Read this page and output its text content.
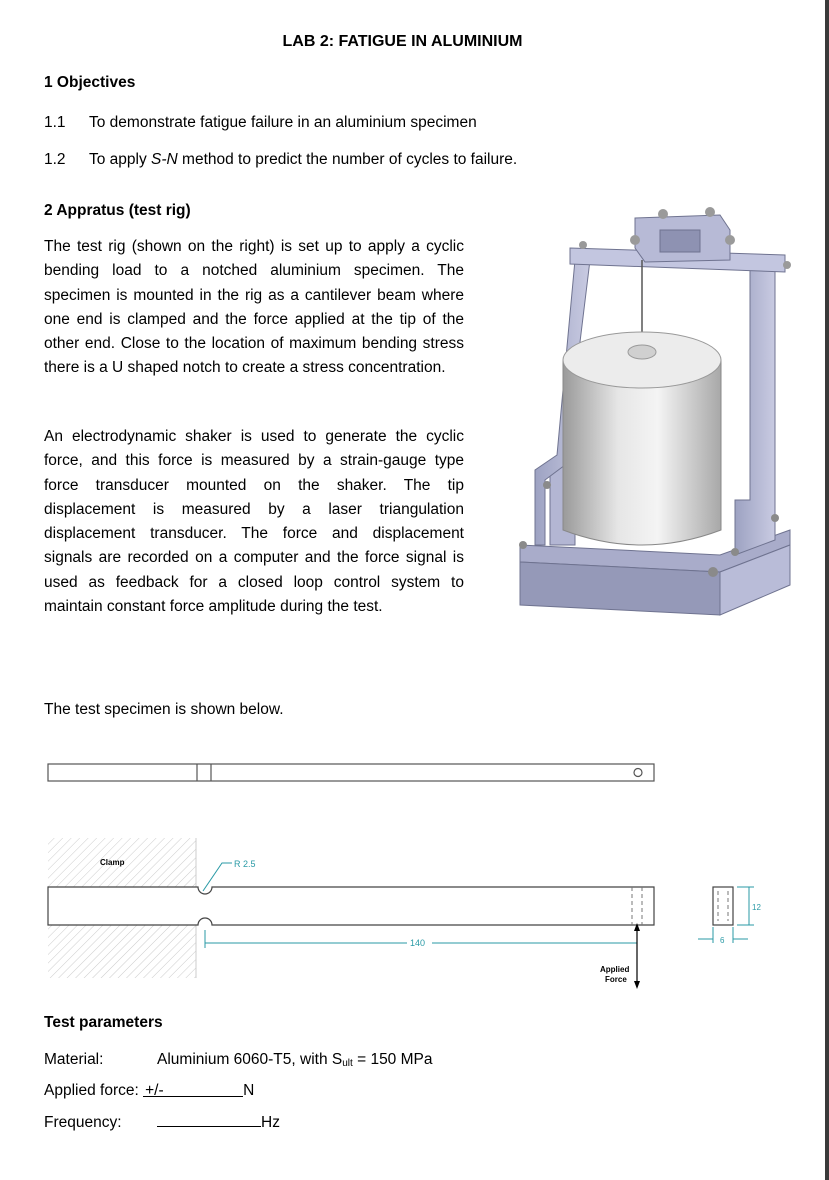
LAB 2: FATIGUE IN ALUMINIUM
1 Objectives
1.1 To demonstrate fatigue failure in an aluminium specimen
1.2 To apply S-N method to predict the number of cycles to failure.
2 Appratus (test rig)
The test rig (shown on the right) is set up to apply a cyclic bending load to a notched aluminium specimen. The specimen is mounted in the rig as a cantilever beam where one end is clamped and the force applied at the tip of the other end. Close to the location of maximum bending stress there is a U shaped notch to create a stress concentration.
An electrodynamic shaker is used to generate the cyclic force, and this force is measured by a strain-gauge type force transducer mounted on the shaker. The tip displacement is measured by a laser triangulation displacement transducer. The force and displacement signals are recorded on a computer and the force signal is used as feedback for a closed loop control system to maintain constant force amplitude during the test.
The test specimen is shown below.
Clamp	R 2.5
140
Applied
Force
12
6
Test parameters
Material:	Aluminium 6060-T5, with $S_{ult} = 150$ MPa
Applied force: +/-	N
Frequency:	Hz
